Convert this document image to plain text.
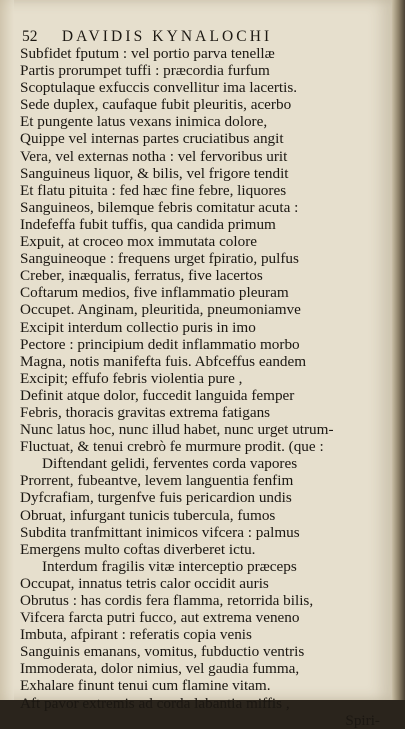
52 DAVIDIS KYNALOCHI
Subfidet fputum : vel portio parva tenellæ
Partis prorumpet tuffi : præcordia furfum
Scoptulaque exfuccis convellitur ima lacertis.
Sede duplex, caufaque fubit pleuritis, acerbo
Et pungente latus vexans inimica dolore,
Quippe vel internas partes cruciatibus angit
Vera, vel externas notha : vel fervoribus urit
Sanguineus liquor, & bilis, vel frigore tendit
Et flatu pituita : fed hæc fine febre, liquores
Sanguineos, bilemque febris comitatur acuta :
Indefeffa fubit tuffis, qua candida primum
Expuit, at croceo mox immutata colore
Sanguineoque : frequens urget fpiratio, pulfus
Creber, inæqualis, ferratus, five lacertos
Coftarum medios, five inflammatio pleuram
Occupet. Anginam, pleuritida, pneumoniamve
Excipit interdum collectio puris in imo
Pectore : principium dedit inflammatio morbo
Magna, notis manifefta fuis. Abfceffus eandem
Excipit; effufo febris violentia pure ,
Definit atque dolor, fuccedit languida femper
Febris, thoracis gravitas extrema fatigans
Nunc latus hoc, nunc illud habet, nunc urget utrum-
Fluctuat, & tenui crebrò fe murmure prodit. (que :
Diftendant gelidi, ferventes corda vapores
Prorrent, fubeantve, levem languentia fenfim
Dyfcrafiam, turgenfve fuis pericardion undis
Obruat, infurgant tunicis tubercula, fumos
Subdita tranfmittant inimicos vifcera : palmus
Emergens multo coftas diverberet ictu.
Interdum fragilis vitæ interceptio præceps
Occupat, innatus tetris calor occidit auris
Obrutus : has cordis fera flamma, retorrida bilis,
Vifcera farcta putri fucco, aut extrema veneno
Imbuta, afpirant : referatis copia venis
Sanguinis emanans, vomitus, fubductio ventris
Immoderata, dolor nimius, vel gaudia fumma,
Exhalare finunt tenui cum flamine vitam.
Aft pavor extremis ad corda labantia miffis ,
Spiri-
